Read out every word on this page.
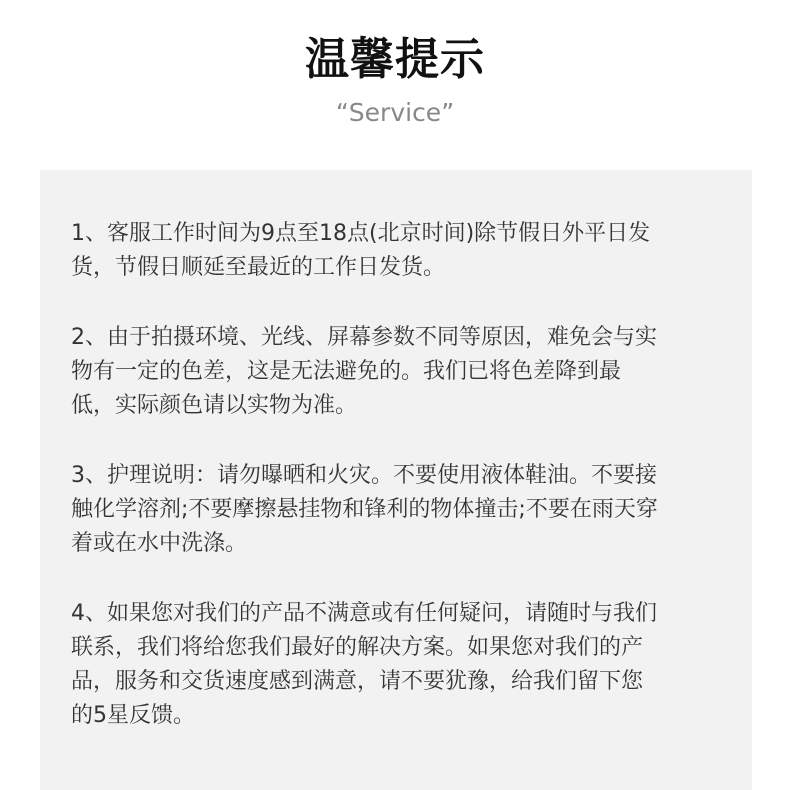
温馨提示
“Service”

1、客服工作时间为9点至18点(北京时间)除节假日外平日发
货，节假日顺延至最近的工作日发货。

2、由于拍摄环境、光线、屏幕参数不同等原因，难免会与实
物有一定的色差，这是无法避免的。我们已将色差降到最
低，实际颜色请以实物为准。

3、护理说明：请勿曝晒和火灾。不要使用液体鞋油。不要接
触化学溶剂;不要摩擦悬挂物和锋利的物体撞击;不要在雨天穿
着或在水中洗涤。

4、如果您对我们的产品不满意或有任何疑问，请随时与我们
联系，我们将给您我们最好的解决方案。如果您对我们的产
品，服务和交货速度感到满意，请不要犹豫，给我们留下您
的5星反馈。
